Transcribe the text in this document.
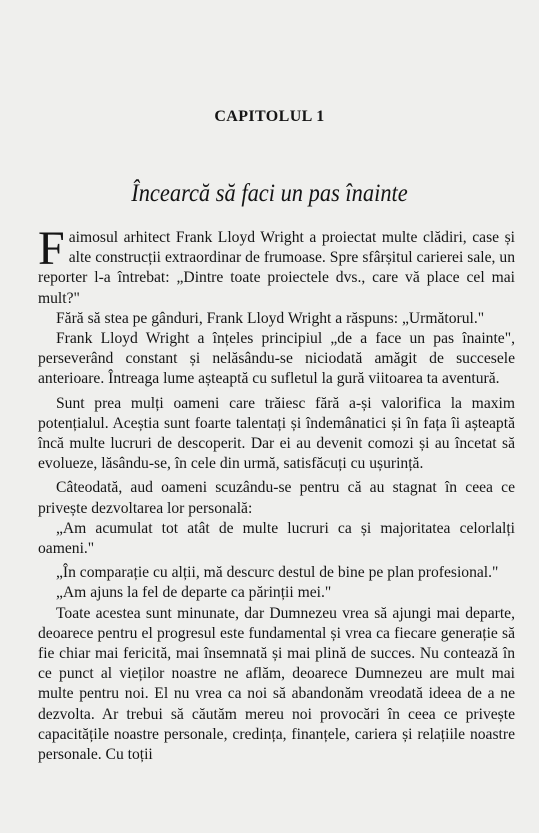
CAPITOLUL 1
Încearcă să faci un pas înainte

Faimosul arhitect Frank Lloyd Wright a proiectat multe clădiri, case și alte construcții extraordinar de frumoase. Spre sfârșitul carierei sale, un reporter l-a întrebat: „Dintre toate proiectele dvs., care vă place cel mai mult?"

Fără să stea pe gânduri, Frank Lloyd Wright a răspuns: „Următorul."

Frank Lloyd Wright a înțeles principiul „de a face un pas înainte", perseverând constant și nelăsându-se niciodată amăgit de succesele anterioare. Întreaga lume așteaptă cu sufletul la gură viitoarea ta aventură.

Sunt prea mulți oameni care trăiesc fără a-și valorifica la maxim potențialul. Aceștia sunt foarte talentați și îndemânatici și în fața îi așteaptă încă multe lucruri de descoperit. Dar ei au devenit comozi și au încetat să evolueze, lăsându-se, în cele din urmă, satisfăcuți cu ușurință.

Câteodată, aud oameni scuzându-se pentru că au stagnat în ceea ce privește dezvoltarea lor personală:

„Am acumulat tot atât de multe lucruri ca și majoritatea celorlalți oameni."

„În comparație cu alții, mă descurc destul de bine pe plan profesional."

„Am ajuns la fel de departe ca părinții mei."

Toate acestea sunt minunate, dar Dumnezeu vrea să ajungi mai departe, deoarece pentru el progresul este fundamental și vrea ca fiecare generație să fie chiar mai fericită, mai însemnată și mai plină de succes. Nu contează în ce punct al vieților noastre ne aflăm, deoarece Dumnezeu are mult mai multe pentru noi. El nu vrea ca noi să abandonăm vreodată ideea de a ne dezvolta. Ar trebui să căutăm mereu noi provocări în ceea ce privește capacitățile noastre personale, credința, finanțele, cariera și relațiile noastre personale. Cu toții
